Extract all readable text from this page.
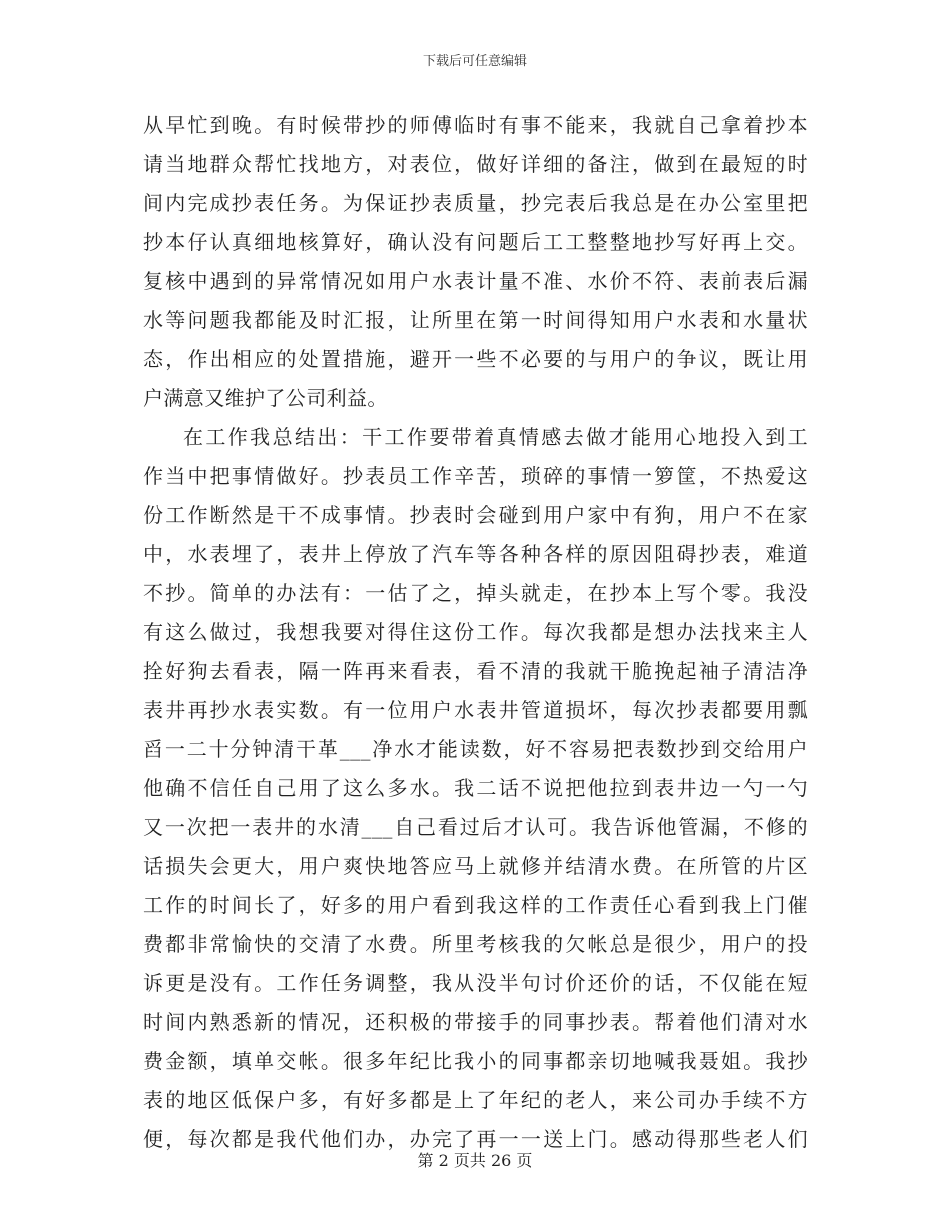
下载后可任意编辑
从早忙到晚。有时候带抄的师傅临时有事不能来，我就自己拿着抄本
请当地群众帮忙找地方，对表位，做好详细的备注，做到在最短的时
间内完成抄表任务。为保证抄表质量，抄完表后我总是在办公室里把
抄本仔认真细地核算好，确认没有问题后工工整整地抄写好再上交。
复核中遇到的异常情况如用户水表计量不准、水价不符、表前表后漏
水等问题我都能及时汇报，让所里在第一时间得知用户水表和水量状
态，作出相应的处置措施，避开一些不必要的与用户的争议，既让用
户满意又维护了公司利益。
在工作我总结出：干工作要带着真情感去做才能用心地投入到工
作当中把事情做好。抄表员工作辛苦，琐碎的事情一箩筐，不热爱这
份工作断然是干不成事情。抄表时会碰到用户家中有狗，用户不在家
中，水表埋了，表井上停放了汽车等各种各样的原因阻碍抄表，难道
不抄。简单的办法有：一估了之，掉头就走，在抄本上写个零。我没
有这么做过，我想我要对得住这份工作。每次我都是想办法找来主人
拴好狗去看表，隔一阵再来看表，看不清的我就干脆挽起袖子清洁净
表井再抄水表实数。有一位用户水表井管道损坏，每次抄表都要用瓢
舀一二十分钟清干革___净水才能读数，好不容易把表数抄到交给用户
他确不信任自己用了这么多水。我二话不说把他拉到表井边一勺一勺
又一次把一表井的水清___自己看过后才认可。我告诉他管漏，不修的
话损失会更大，用户爽快地答应马上就修并结清水费。在所管的片区
工作的时间长了，好多的用户看到我这样的工作责任心看到我上门催
费都非常愉快的交清了水费。所里考核我的欠帐总是很少，用户的投
诉更是没有。工作任务调整，我从没半句讨价还价的话，不仅能在短
时间内熟悉新的情况，还积极的带接手的同事抄表。帮着他们清对水
费金额，填单交帐。很多年纪比我小的同事都亲切地喊我聂姐。我抄
表的地区低保户多，有好多都是上了年纪的老人，来公司办手续不方
便，每次都是我代他们办，办完了再一一送上门。感动得那些老人们
第 2 页共 26 页
